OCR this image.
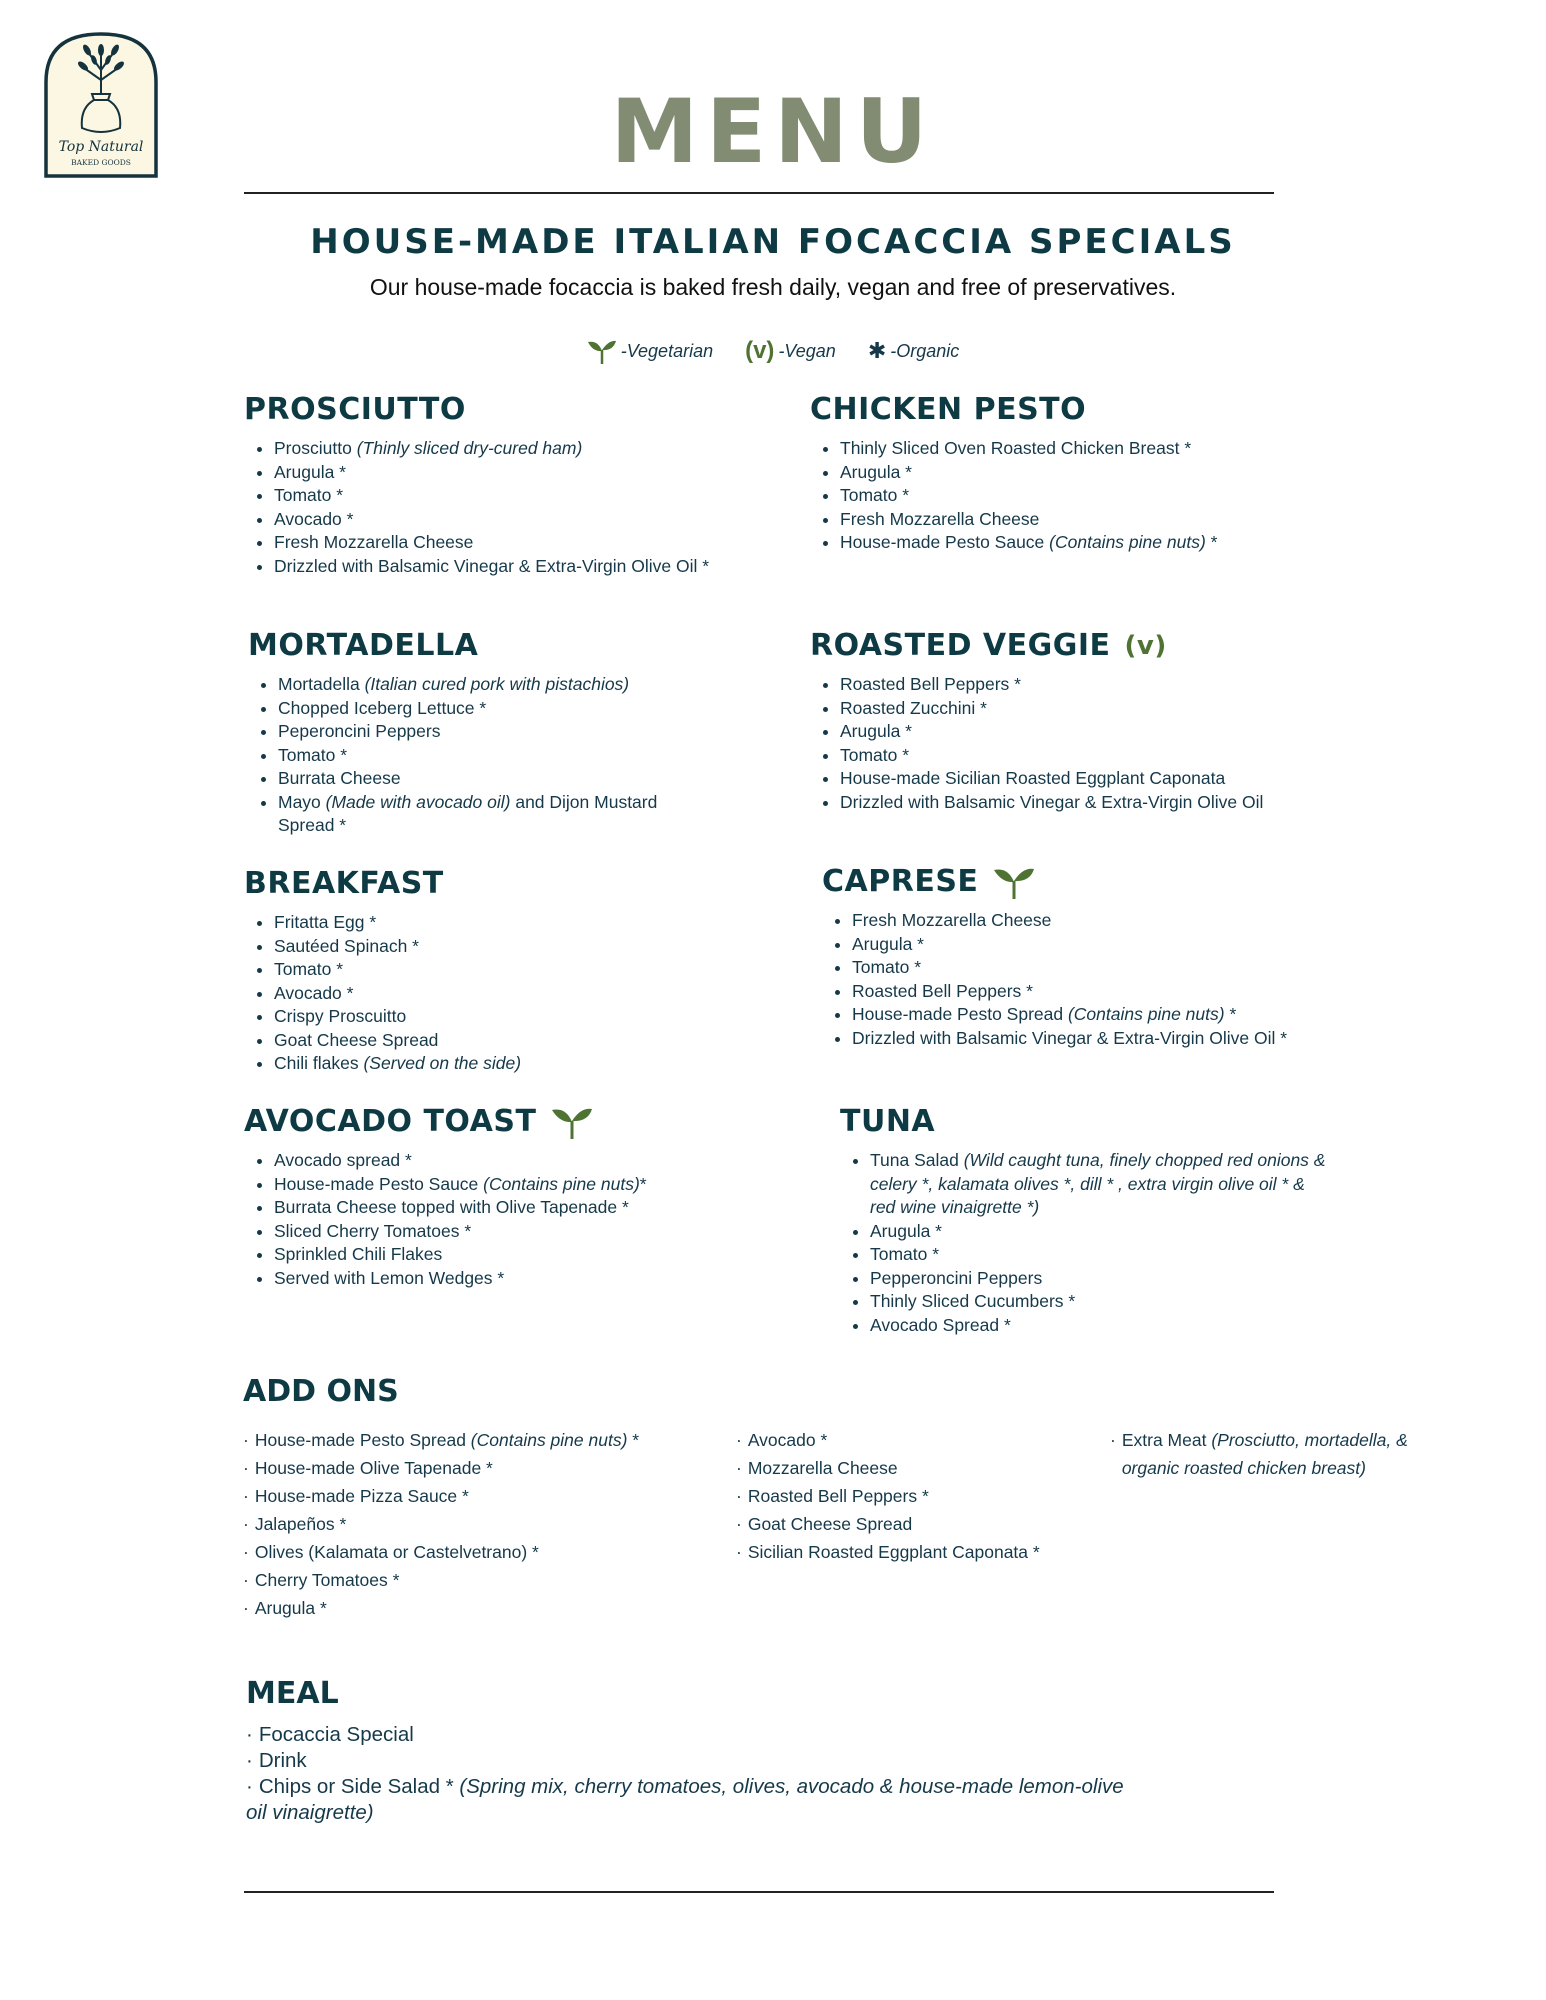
Top Natural
BAKED GOODS	MENU
HOUSE-MADE ITALIAN FOCACCIA SPECIALS

Our house-made focaccia is baked fresh daily, vegan and free of preservatives.

-Vegetarian (v) -Vegan ✱ -Organic
PROSCIUTTO
• Prosciutto (Thinly sliced dry-cured ham)
• Arugula *
• Tomato *
• Avocado *
• Fresh Mozzarella Cheese
• Drizzled with Balsamic Vinegar & Extra-Virgin Olive Oil *
MORTADELLA
• Mortadella (Italian cured pork with pistachios)
• Chopped Iceberg Lettuce *
• Peperoncini Peppers
• Tomato *
• Burrata Cheese
• Mayo (Made with avocado oil) and Dijon Mustard Spread *
BREAKFAST
• Fritatta Egg *
• Sautéed Spinach *
• Tomato *
• Avocado *
• Crispy Proscuitto
• Goat Cheese Spread
• Chili flakes (Served on the side)
AVOCADO TOAST
• Avocado spread *
• House-made Pesto Sauce (Contains pine nuts)*
• Burrata Cheese topped with Olive Tapenade *
• Sliced Cherry Tomatoes *
• Sprinkled Chili Flakes
• Served with Lemon Wedges *
CHICKEN PESTO
• Thinly Sliced Oven Roasted Chicken Breast *
• Arugula *
• Tomato *
• Fresh Mozzarella Cheese
• House-made Pesto Sauce (Contains pine nuts) *
ROASTED VEGGIE (v)
• Roasted Bell Peppers *
• Roasted Zucchini *
• Arugula *
• Tomato *
• House-made Sicilian Roasted Eggplant Caponata
• Drizzled with Balsamic Vinegar & Extra-Virgin Olive Oil
CAPRESE
• Fresh Mozzarella Cheese
• Arugula *
• Tomato *
• Roasted Bell Peppers *
• House-made Pesto Spread (Contains pine nuts) *
• Drizzled with Balsamic Vinegar & Extra-Virgin Olive Oil *
TUNA
• Tuna Salad (Wild caught tuna, finely chopped red onions & celery *, kalamata olives *, dill * , extra virgin olive oil * & red wine vinaigrette *)
• Arugula *
• Tomato *
• Pepperoncini Peppers
• Thinly Sliced Cucumbers *
• Avocado Spread *
ADD ONS
· House-made Pesto Spread (Contains pine nuts) *
· House-made Olive Tapenade *
· House-made Pizza Sauce *
· Jalapeños *
· Olives (Kalamata or Castelvetrano) *
· Cherry Tomatoes *
· Arugula *
· Avocado *
· Mozzarella Cheese
· Roasted Bell Peppers *
· Goat Cheese Spread
· Sicilian Roasted Eggplant Caponata *
· Extra Meat (Prosciutto, mortadella, &
organic roasted chicken breast)
MEAL
· Focaccia Special
· Drink
· Chips or Side Salad * (Spring mix, cherry tomatoes, olives, avocado & house-made lemon-olive oil vinaigrette)
